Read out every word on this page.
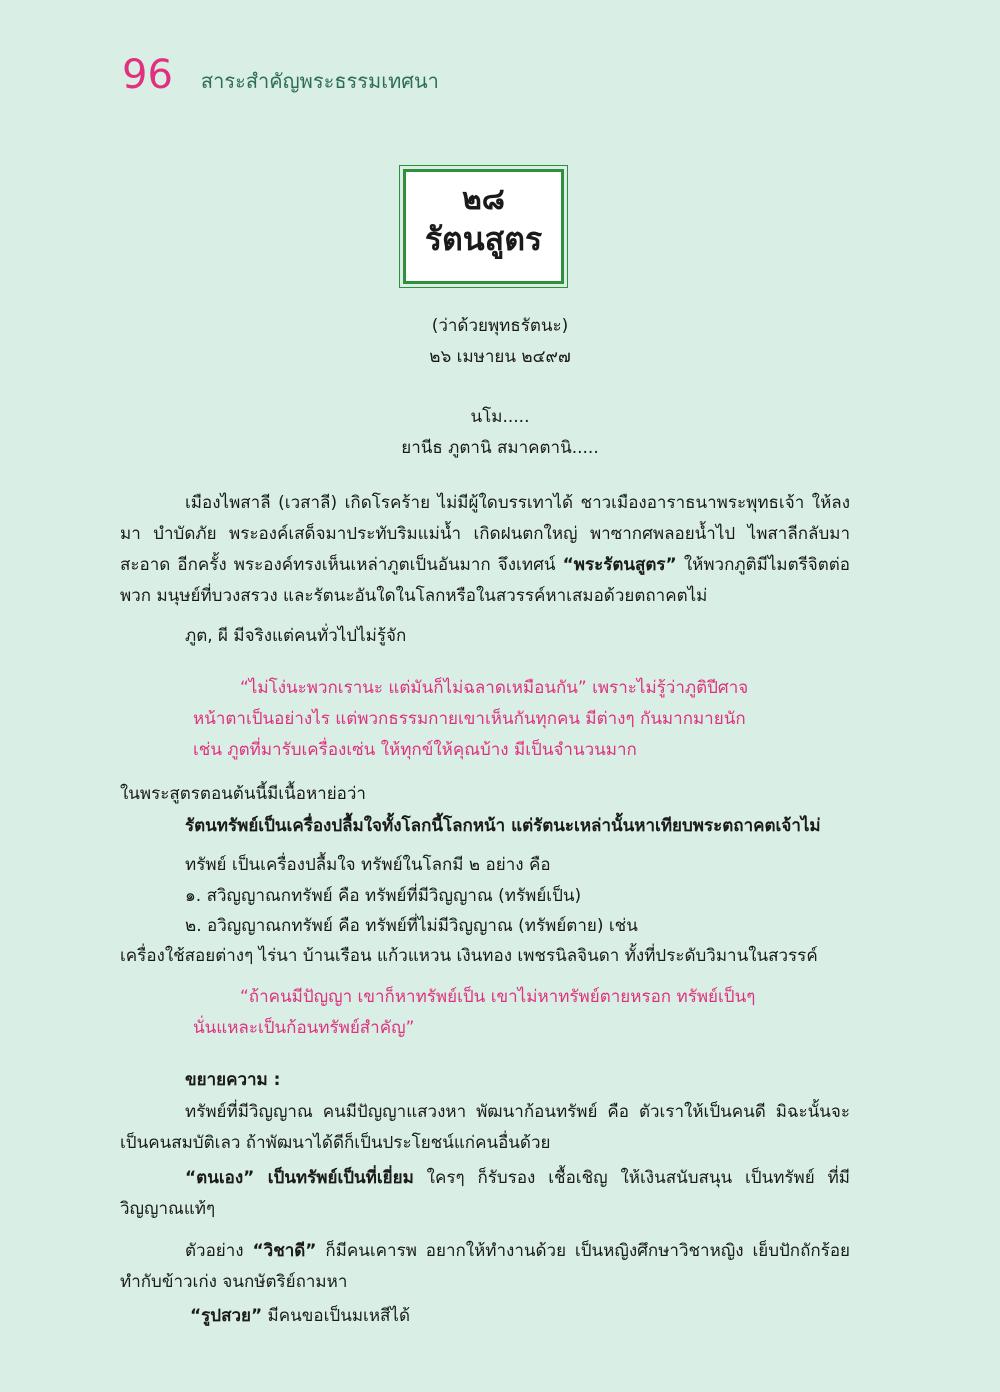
96 สาระสำคัญพระธรรมเทศนา
๒๘
รัตนสูตร
(ว่าด้วยพุทธรัตนะ)
๒๖ เมษายน ๒๔๙๗
นโม.....
ยานีธ ภูตานิ สมาคตานิ.....
เมืองไพสาลี (เวสาลี) เกิดโรคร้าย ไม่มีผู้ใดบรรเทาได้ ชาวเมืองอาราธนาพระพุทธเจ้า ให้ลงมา บำบัดภัย พระองค์เสด็จมาประทับริมแม่น้ำ เกิดฝนตกใหญ่ พาซากศพลอยน้ำไป ไพสาลีกลับมาสะอาด อีกครั้ง พระองค์ทรงเห็นเหล่าภูตเป็นอันมาก จึงเทศน์ “พระรัตนสูตร” ให้พวกภูติมีไมตรีจิตต่อพวก มนุษย์ที่บวงสรวง และรัตนะอันใดในโลกหรือในสวรรค์หาเสมอด้วยตถาคตไม่
ภูต, ผี มีจริงแต่คนทั่วไปไม่รู้จัก
“ไม่โง่นะพวกเรานะ แต่มันก็ไม่ฉลาดเหมือนกัน” เพราะไม่รู้ว่าภูติปีศาจ
หน้าตาเป็นอย่างไร แต่พวกธรรมกายเขาเห็นกันทุกคน มีต่างๆ กันมากมายนัก
เช่น ภูตที่มารับเครื่องเซ่น ให้ทุกข์ให้คุณบ้าง มีเป็นจำนวนมาก
ในพระสูตรตอนต้นนี้มีเนื้อหาย่อว่า
รัตนทรัพย์เป็นเครื่องปลื้มใจทั้งโลกนี้โลกหน้า แต่รัตนะเหล่านั้นหาเทียบพระตถาคตเจ้าไม่
ทรัพย์ เป็นเครื่องปลื้มใจ ทรัพย์ในโลกมี ๒ อย่าง คือ
๑. สวิญญาณกทรัพย์ คือ ทรัพย์ที่มีวิญญาณ (ทรัพย์เป็น)
๒. อวิญญาณกทรัพย์ คือ ทรัพย์ที่ไม่มีวิญญาณ (ทรัพย์ตาย) เช่น
เครื่องใช้สอยต่างๆ ไร่นา บ้านเรือน แก้วแหวน เงินทอง เพชรนิลจินดา ทั้งที่ประดับวิมานในสวรรค์
“ถ้าคนมีปัญญา เขาก็หาทรัพย์เป็น เขาไม่หาทรัพย์ตายหรอก ทรัพย์เป็นๆ
นั่นแหละเป็นก้อนทรัพย์สำคัญ”
ขยายความ :
ทรัพย์ที่มีวิญญาณ คนมีปัญญาแสวงหา พัฒนาก้อนทรัพย์ คือ ตัวเราให้เป็นคนดี มิฉะนั้นจะเป็นคนสมบัติเลว ถ้าพัฒนาได้ดีก็เป็นประโยชน์แก่คนอื่นด้วย
“ตนเอง” เป็นทรัพย์เป็นที่เยี่ยม ใครๆ ก็รับรอง เชื้อเชิญ ให้เงินสนับสนุน เป็นทรัพย์ ที่มีวิญญาณแท้ๆ
ตัวอย่าง “วิชาดี” ก็มีคนเคารพ อยากให้ทำงานด้วย เป็นหญิงศึกษาวิชาหญิง เย็บปักถักร้อย ทำกับข้าวเก่ง จนกษัตริย์ถามหา
“รูปสวย” มีคนขอเป็นมเหสีได้
